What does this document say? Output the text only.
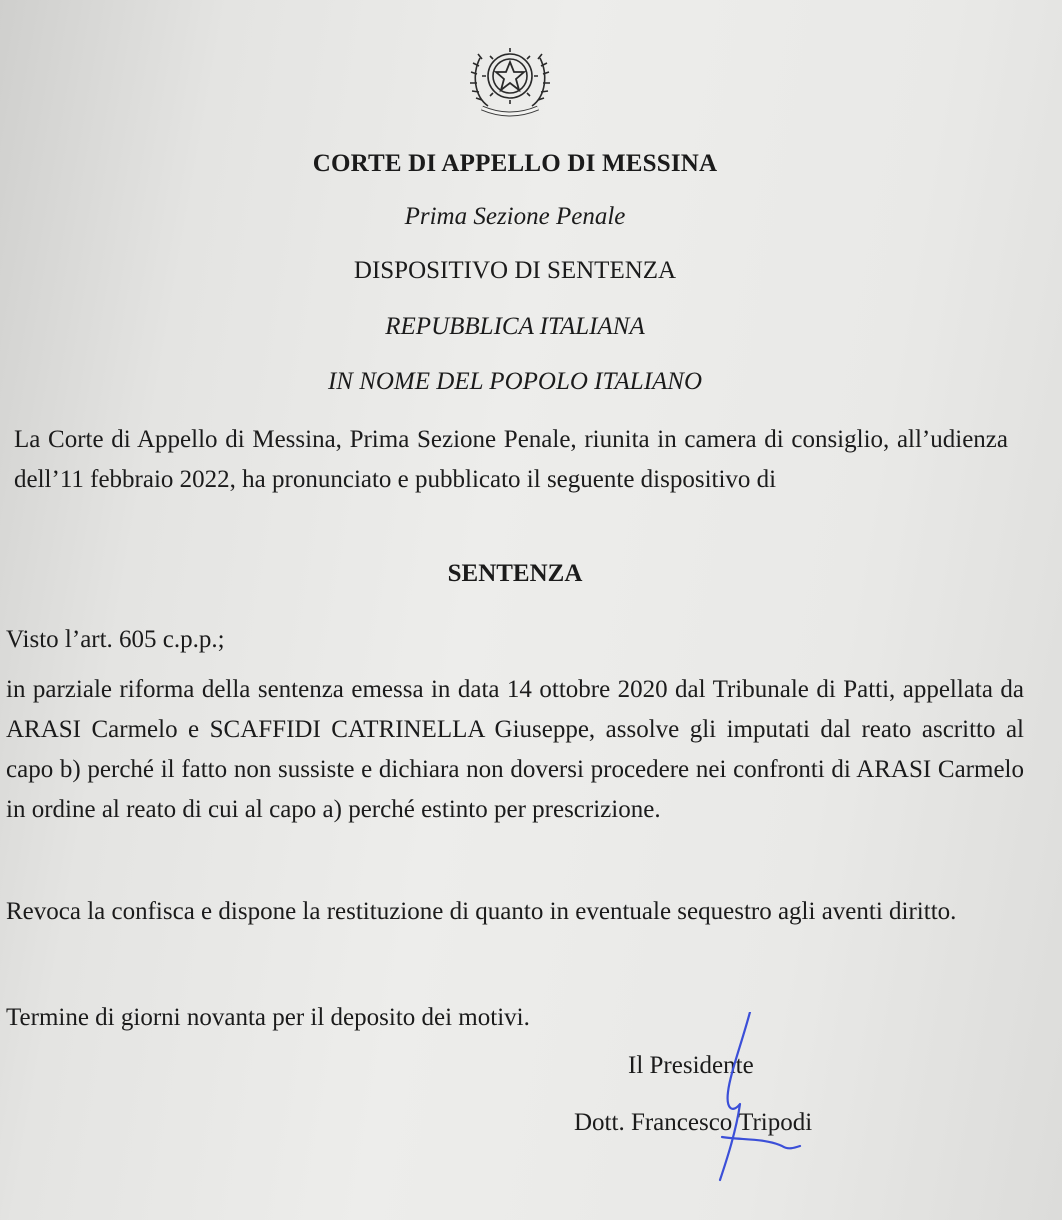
CORTE DI APPELLO DI MESSINA
Prima Sezione Penale
DISPOSITIVO DI SENTENZA
REPUBBLICA ITALIANA
IN NOME DEL POPOLO ITALIANO

La Corte di Appello di Messina, Prima Sezione Penale, riunita in camera di consiglio, all’udienza dell’11 febbraio 2022, ha pronunciato e pubblicato il seguente dispositivo di

SENTENZA

Visto l’art. 605 c.p.p.;

in parziale riforma della sentenza emessa in data 14 ottobre 2020 dal Tribunale di Patti, appellata da ARASI Carmelo e SCAFFIDI CATRINELLA Giuseppe, assolve gli imputati dal reato ascritto al capo b) perché il fatto non sussiste e dichiara non doversi procedere nei confronti di ARASI Carmelo in ordine al reato di cui al capo a) perché estinto per prescrizione.

Revoca la confisca e dispone la restituzione di quanto in eventuale sequestro agli aventi diritto.

Termine di giorni novanta per il deposito dei motivi.

Il Presidente
Dott. Francesco Tripodi
